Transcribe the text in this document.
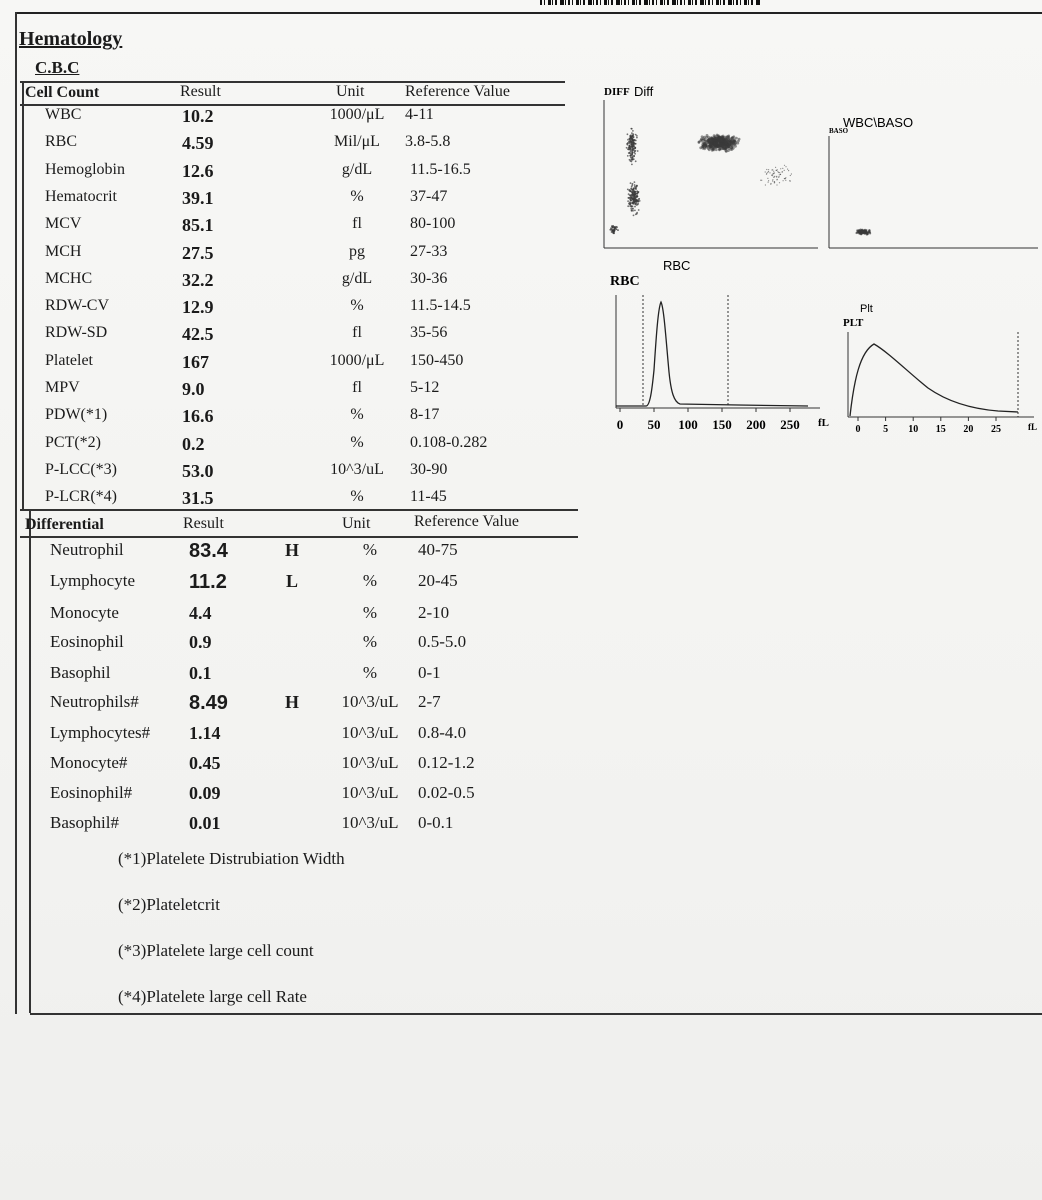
Hematology
C.B.C
Cell Count	Result	Unit	Reference Value
WBC	10.2	1000/μL	4-11
RBC	4.59	Mil/μL	3.8-5.8
Hemoglobin	12.6	g/dL	11.5-16.5
Hematocrit	39.1	%	37-47
MCV	85.1	fl	80-100
MCH	27.5	pg	27-33
MCHC	32.2	g/dL	30-36
RDW-CV	12.9	%	11.5-14.5
RDW-SD	42.5	fl	35-56
Platelet	167	1000/μL	150-450
MPV	9.0	fl	5-12
PDW(*1)	16.6	%	8-17
PCT(*2)	0.2	%	0.108-0.282
P-LCC(*3)	53.0	10^3/uL	30-90
P-LCR(*4)	31.5	%	11-45
Differential	Result	Unit	Reference Value
Neutrophil	83.4	H	%	40-75
Lymphocyte	11.2	L	%	20-45
Monocyte	4.4	%	2-10
Eosinophil	0.9	%	0.5-5.0
Basophil	0.1	%	0-1
Neutrophils#	8.49	H	10^3/uL	2-7
Lymphocytes# 1.14	10^3/uL	0.8-4.0
Monocyte#	0.45	10^3/uL	0.12-1.2
Eosinophil#	0.09	10^3/uL	0.02-0.5
Basophil#	0.01	10^3/uL	0-0.1
(*1)Platelete Distrubiation Width
(*2)Plateletcrit
(*3)Platelete large cell count
(*4)Platelete large cell Rate
DIFF Diff
BASO
WBC\BASO
RBC
RBC
0 50 100 150 200 250 fL
Plt
PLT
0 5 10 15 20 25	fL
